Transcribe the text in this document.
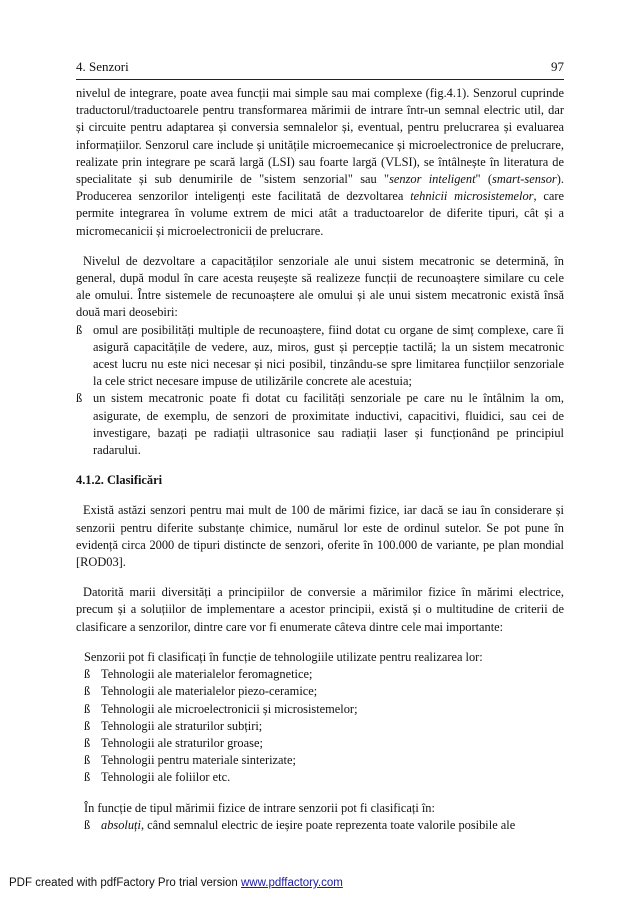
4. Senzori	97

nivelul de integrare, poate avea funcții mai simple sau mai complexe (fig.4.1). Senzorul cuprinde traductorul/traductoarele pentru transformarea mărimii de intrare într-un semnal electric util, dar și circuite pentru adaptarea și conversia semnalelor și, eventual, pentru prelucrarea și evaluarea informațiilor. Senzorul care include și unitățile microemecanice și microelectronice de prelucrare, realizate prin integrare pe scară largă (LSI) sau foarte largă (VLSI), se întâlnește în literatura de specialitate și sub denumirile de "sistem senzorial" sau "senzor inteligent" (smart-sensor). Producerea senzorilor inteligenți este facilitată de dezvoltarea tehnicii microsistemelor, care permite integrarea în volume extrem de mici atât a traductoarelor de diferite tipuri, cât și a micromecanicii și microelectronicii de prelucrare.

Nivelul de dezvoltare a capacităților senzoriale ale unui sistem mecatronic se determină, în general, după modul în care acesta reușește să realizeze funcții de recunoaștere similare cu cele ale omului. Între sistemele de recunoaștere ale omului și ale unui sistem mecatronic există însă două mari deosebiri:

ß omul are posibilități multiple de recunoaștere, fiind dotat cu organe de simț complexe, care îi asigură capacitățile de vedere, auz, miros, gust și percepție tactilă; la un sistem mecatronic acest lucru nu este nici necesar și nici posibil, tinzându-se spre limitarea funcțiilor senzoriale la cele strict necesare impuse de utilizările concrete ale acestuia;
ß un sistem mecatronic poate fi dotat cu facilități senzoriale pe care nu le întâlnim la om, asigurate, de exemplu, de senzori de proximitate inductivi, capacitivi, fluidici, sau cei de investigare, bazați pe radiații ultrasonice sau radiații laser și funcționând pe principiul radarului.
4.1.2. Clasificări

Există astăzi senzori pentru mai mult de 100 de mărimi fizice, iar dacă se iau în considerare și senzorii pentru diferite substanțe chimice, numărul lor este de ordinul sutelor. Se pot pune în evidență circa 2000 de tipuri distincte de senzori, oferite în 100.000 de variante, pe plan mondial [ROD03].

Datorită marii diversități a principiilor de conversie a mărimilor fizice în mărimi electrice, precum și a soluțiilor de implementare a acestor principii, există și o multitudine de criterii de clasificare a senzorilor, dintre care vor fi enumerate câteva dintre cele mai importante:

Senzorii pot fi clasificați în funcție de tehnologiile utilizate pentru realizarea lor:

ß Tehnologii ale materialelor feromagnetice;
ß Tehnologii ale materialelor piezo-ceramice;
ß Tehnologii ale microelectronicii și microsistemelor;
ß Tehnologii ale straturilor subțiri;
ß Tehnologii ale straturilor groase;
ß Tehnologii pentru materiale sinterizate;
ß Tehnologii ale foliilor etc.

În funcție de tipul mărimii fizice de intrare senzorii pot fi clasificați în:

ß absoluți, când semnalul electric de ieșire poate reprezenta toate valorile posibile ale
PDF created with pdfFactory Pro trial version www.pdffactory.com
